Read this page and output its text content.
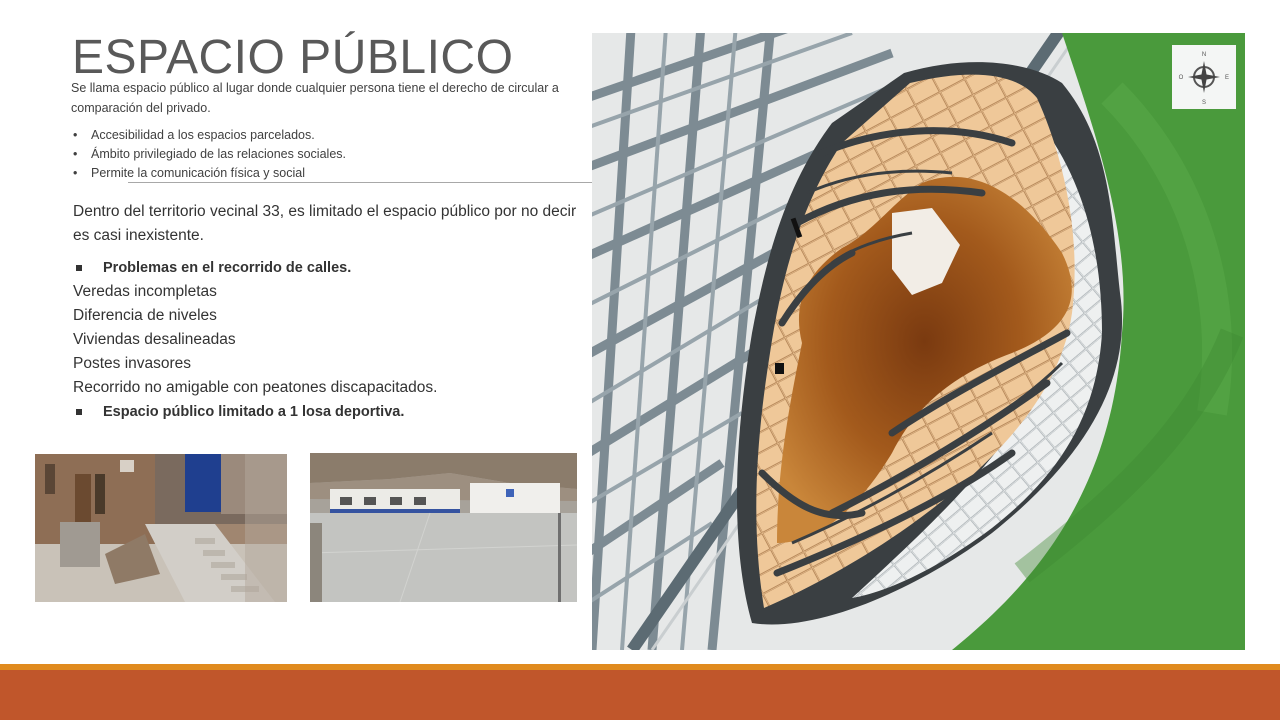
ESPACIO PÚBLICO

Se llama espacio público al lugar donde cualquier persona tiene el derecho de circular a comparación del privado.

• Accesibilidad a los espacios parcelados.
• Ámbito privilegiado de las relaciones sociales.
• Permite la comunicación física y social

Dentro del territorio vecinal 33, es limitado el espacio público por no decir es casi inexistente.

Problemas en el recorrido de calles.
Veredas incompletas
Diferencia de niveles
Viviendas desalineadas
Postes invasores
Recorrido no amigable con peatones discapacitados.
Espacio público limitado a 1 losa deportiva.
N
S
E
O
